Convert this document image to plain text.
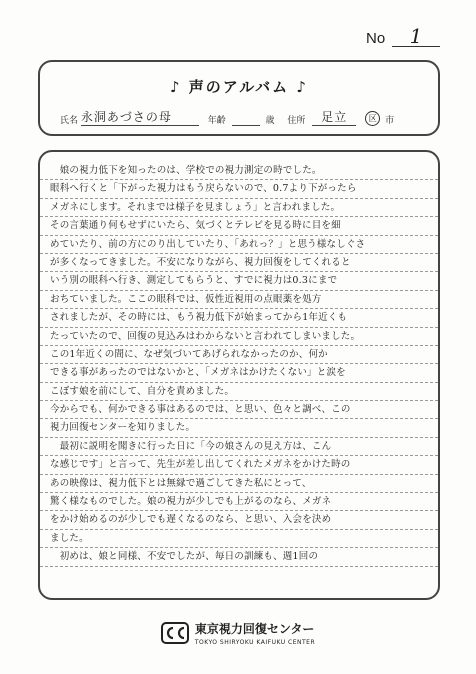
No	1
♪ 声のアルバム ♪
氏名 永洞あづさの母	年齢	歳 住所 足立	区 市
　娘の視力低下を知ったのは、学校での視力測定の時でした。
眼科へ行くと「下がった視力はもう戻らないので、0.7より下がったら
メガネにします。それまでは様子を見ましょう」と言われました。
その言葉通り何もせずにいたら、気づくとテレビを見る時に目を細
めていたり、前の方にのり出していたり、「あれっ？」と思う様なしぐさ
が多くなってきました。不安になりながら、視力回復をしてくれると
いう別の眼科へ行き、測定してもらうと、すでに視力は0.3にまで
おちていました。ここの眼科では、仮性近視用の点眼薬を処方
されましたが、その時には、もう視力低下が始まってから1年近くも
たっていたので、回復の見込みはわからないと言われてしまいました。
この1年近くの間に、なぜ気づいてあげられなかったのか、何か
できる事があったのではないかと、「メガネはかけたくない」と涙を
こぼす娘を前にして、自分を責めました。
今からでも、何かできる事はあるのでは、と思い、色々と調べ、この
視力回復センターを知りました。
　最初に説明を聞きに行った日に「今の娘さんの見え方は、こん
な感じです」と言って、先生が差し出してくれたメガネをかけた時の
あの映像は、視力低下とは無縁で過ごしてきた私にとって、
驚く様なものでした。娘の視力が少しでも上がるのなら、メガネ
をかけ始めるのが少しでも遅くなるのなら、と思い、入会を決め
ました。
　初めは、娘と同様、不安でしたが、毎日の訓練も、週1回の
東京視力回復センター
TOKYO SHIRYOKU KAIFUKU CENTER
